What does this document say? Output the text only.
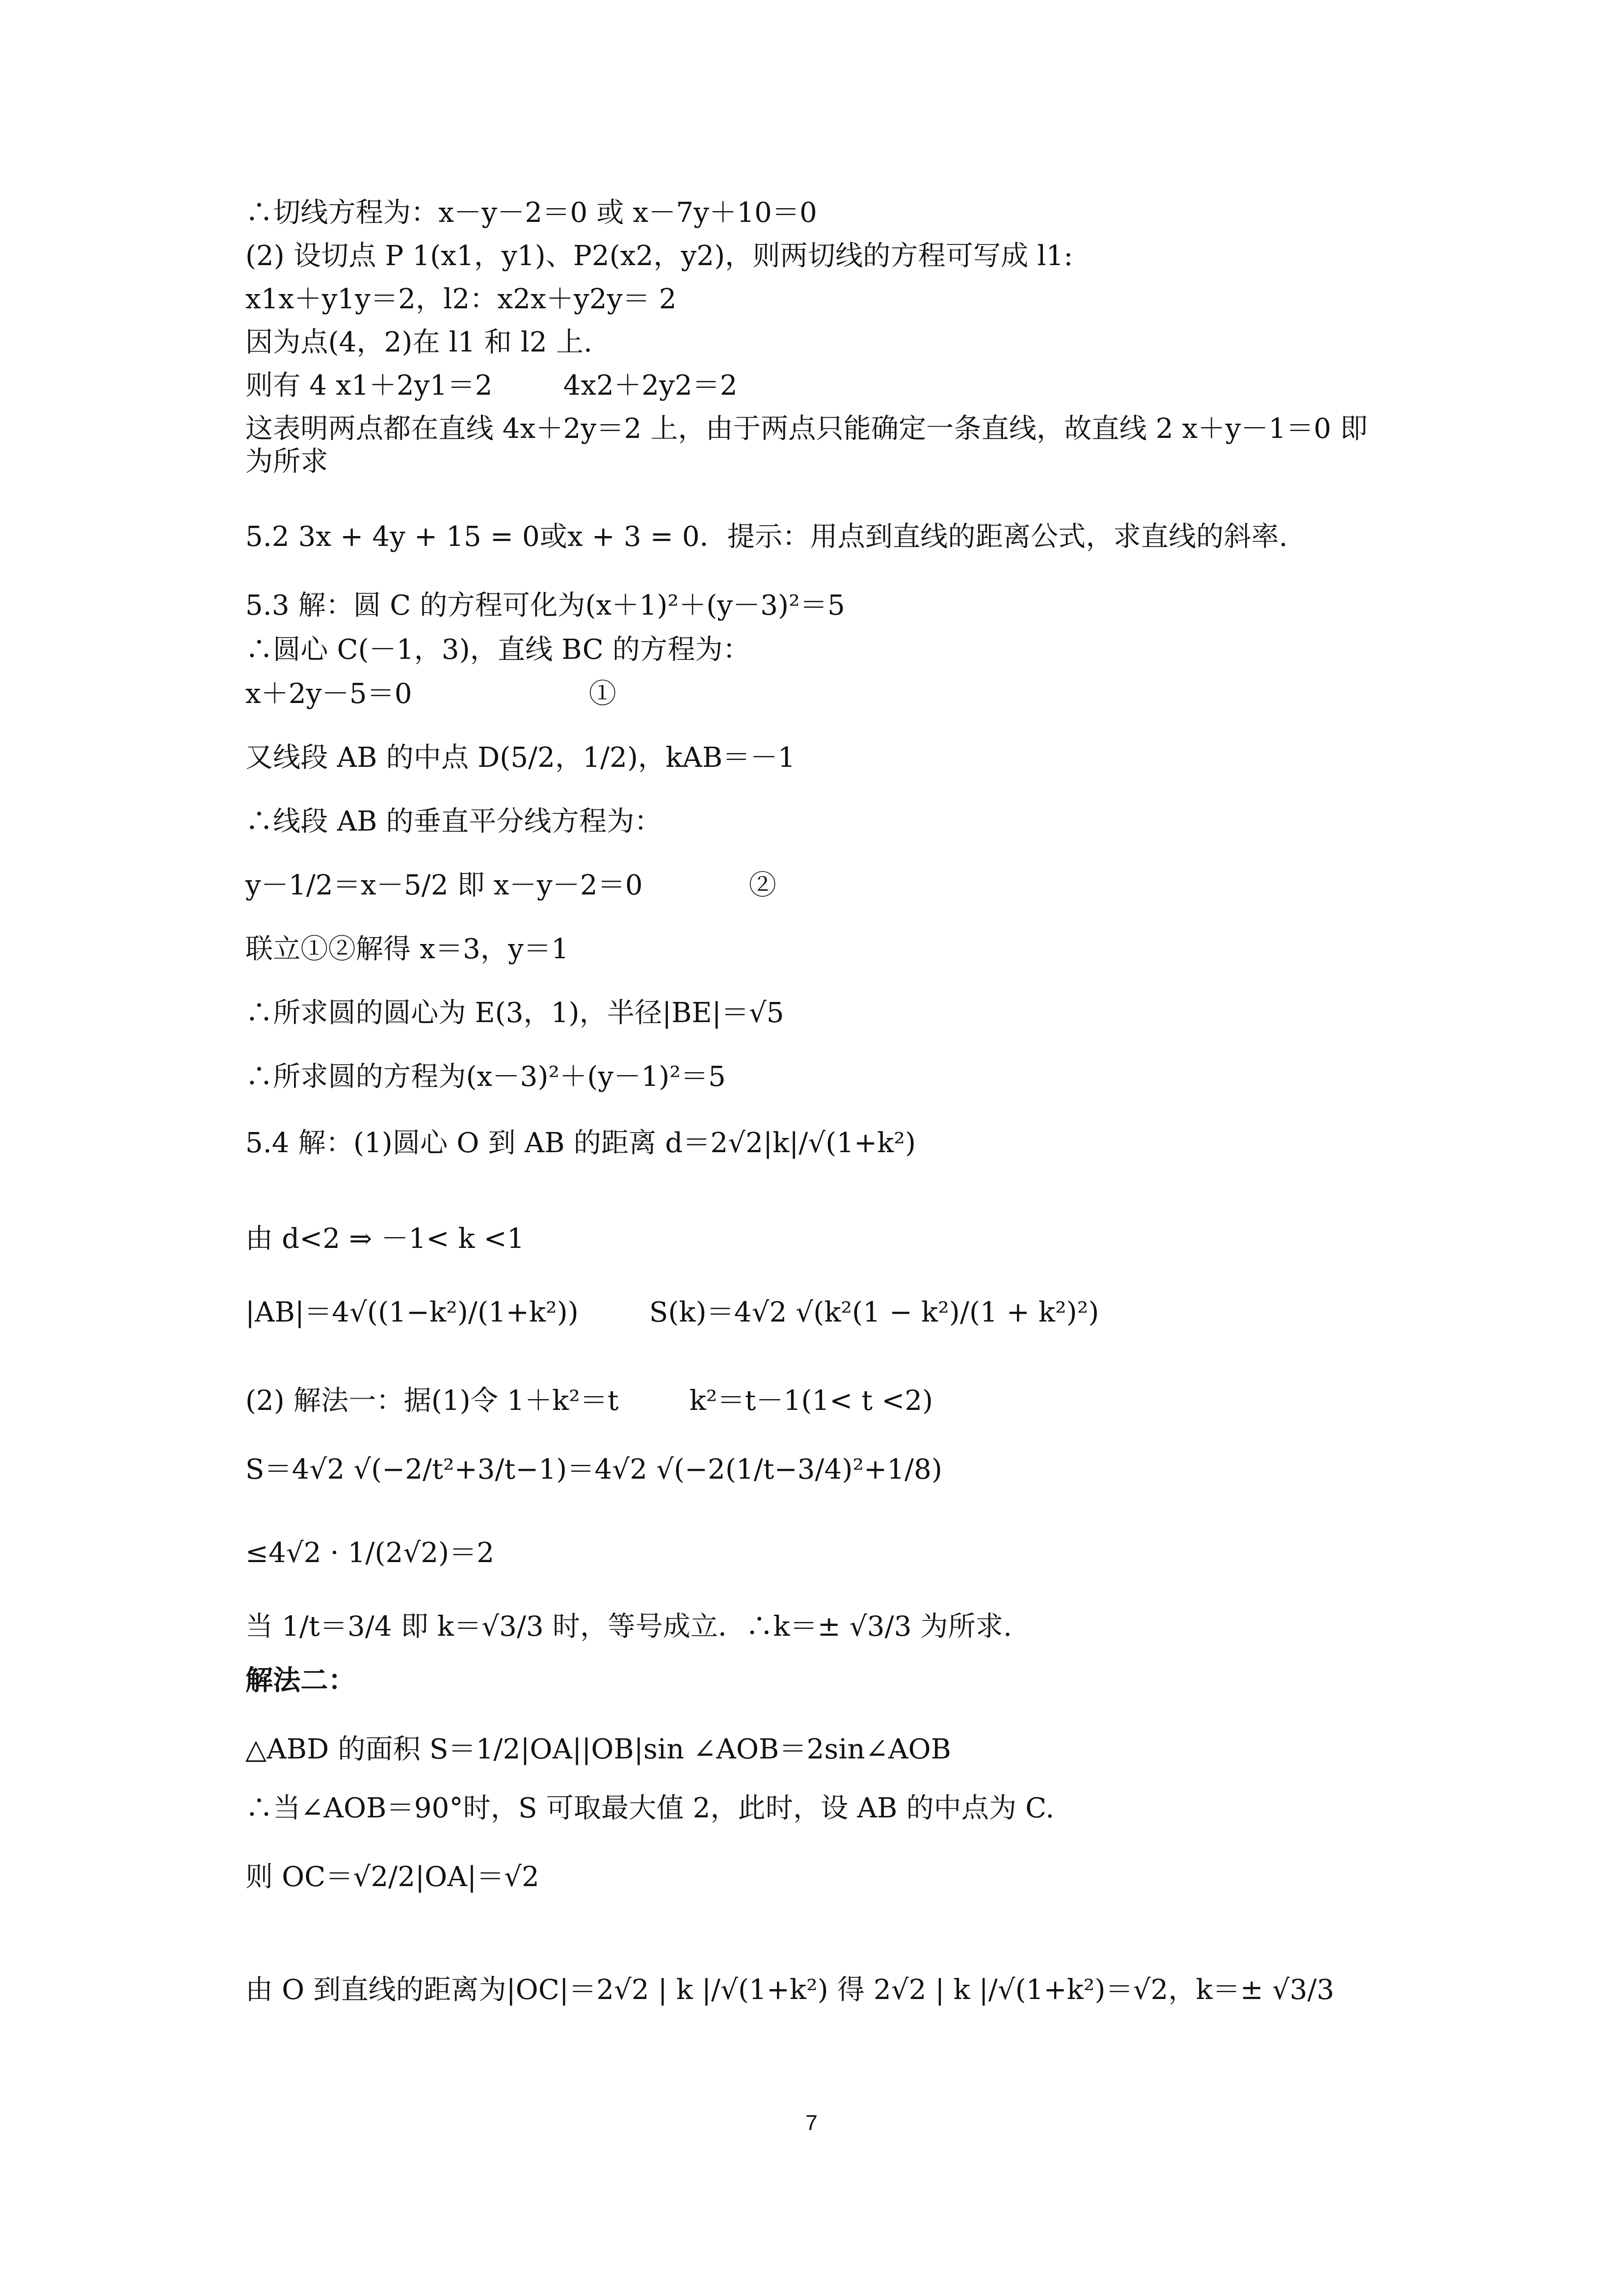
∴切线方程为：x－y－2＝0 或 x－7y＋10＝0
(2) 设切点 P 1(x1，y1)、P2(x2，y2)，则两切线的方程可写成 l1:
x1x＋y1y＝2，l2：x2x＋y2y＝ 2
因为点(4，2)在 l1 和 l2 上.
则有 4 x1＋2y1＝2        4x2＋2y2＝2
这表明两点都在直线 4x＋2y＝2 上，由于两点只能确定一条直线，故直线 2 x＋y－1＝0 即为所求
5.2 3x + 4y + 15 = 0或x + 3 = 0．提示：用点到直线的距离公式，求直线的斜率.
5.3 解：圆 C 的方程可化为(x＋1)²＋(y－3)²＝5
∴圆心 C(－1，3)，直线 BC 的方程为：
x＋2y－5＝0                    ①
又线段 AB 的中点 D(5/2，1/2)，kAB＝－1
∴线段 AB 的垂直平分线方程为：
y－1/2＝x－5/2 即 x－y－2＝0            ②
联立①②解得 x＝3，y＝1
∴所求圆的圆心为 E(3，1)，半径|BE|＝√5
∴所求圆的方程为(x－3)²＋(y－1)²＝5
5.4 解：(1)圆心 O 到 AB 的距离 d＝2√2|k|/√(1+k²)
由 d<2 ⇒ －1< k <1
|AB|＝4√((1−k²)/(1+k²))        S(k)＝4√2 √(k²(1 − k²)/(1 + k²)²)
(2) 解法一：据(1)令 1＋k²＝t        k²＝t－1(1< t <2)
S＝4√2 √(−2/t²+3/t−1)＝4√2 √(−2(1/t−3/4)²+1/8)
≤4√2 · 1/(2√2)＝2
当 1/t＝3/4 即 k＝√3/3 时，等号成立．∴k＝± √3/3 为所求.
解法二：
△ABD 的面积 S＝1/2|OA||OB|sin ∠AOB＝2sin∠AOB
∴当∠AOB＝90°时，S 可取最大值 2，此时，设 AB 的中点为 C.
则 OC＝√2/2|OA|＝√2
由 O 到直线的距离为|OC|＝2√2 | k |/√(1+k²) 得 2√2 | k |/√(1+k²)＝√2，k＝± √3/3
7
